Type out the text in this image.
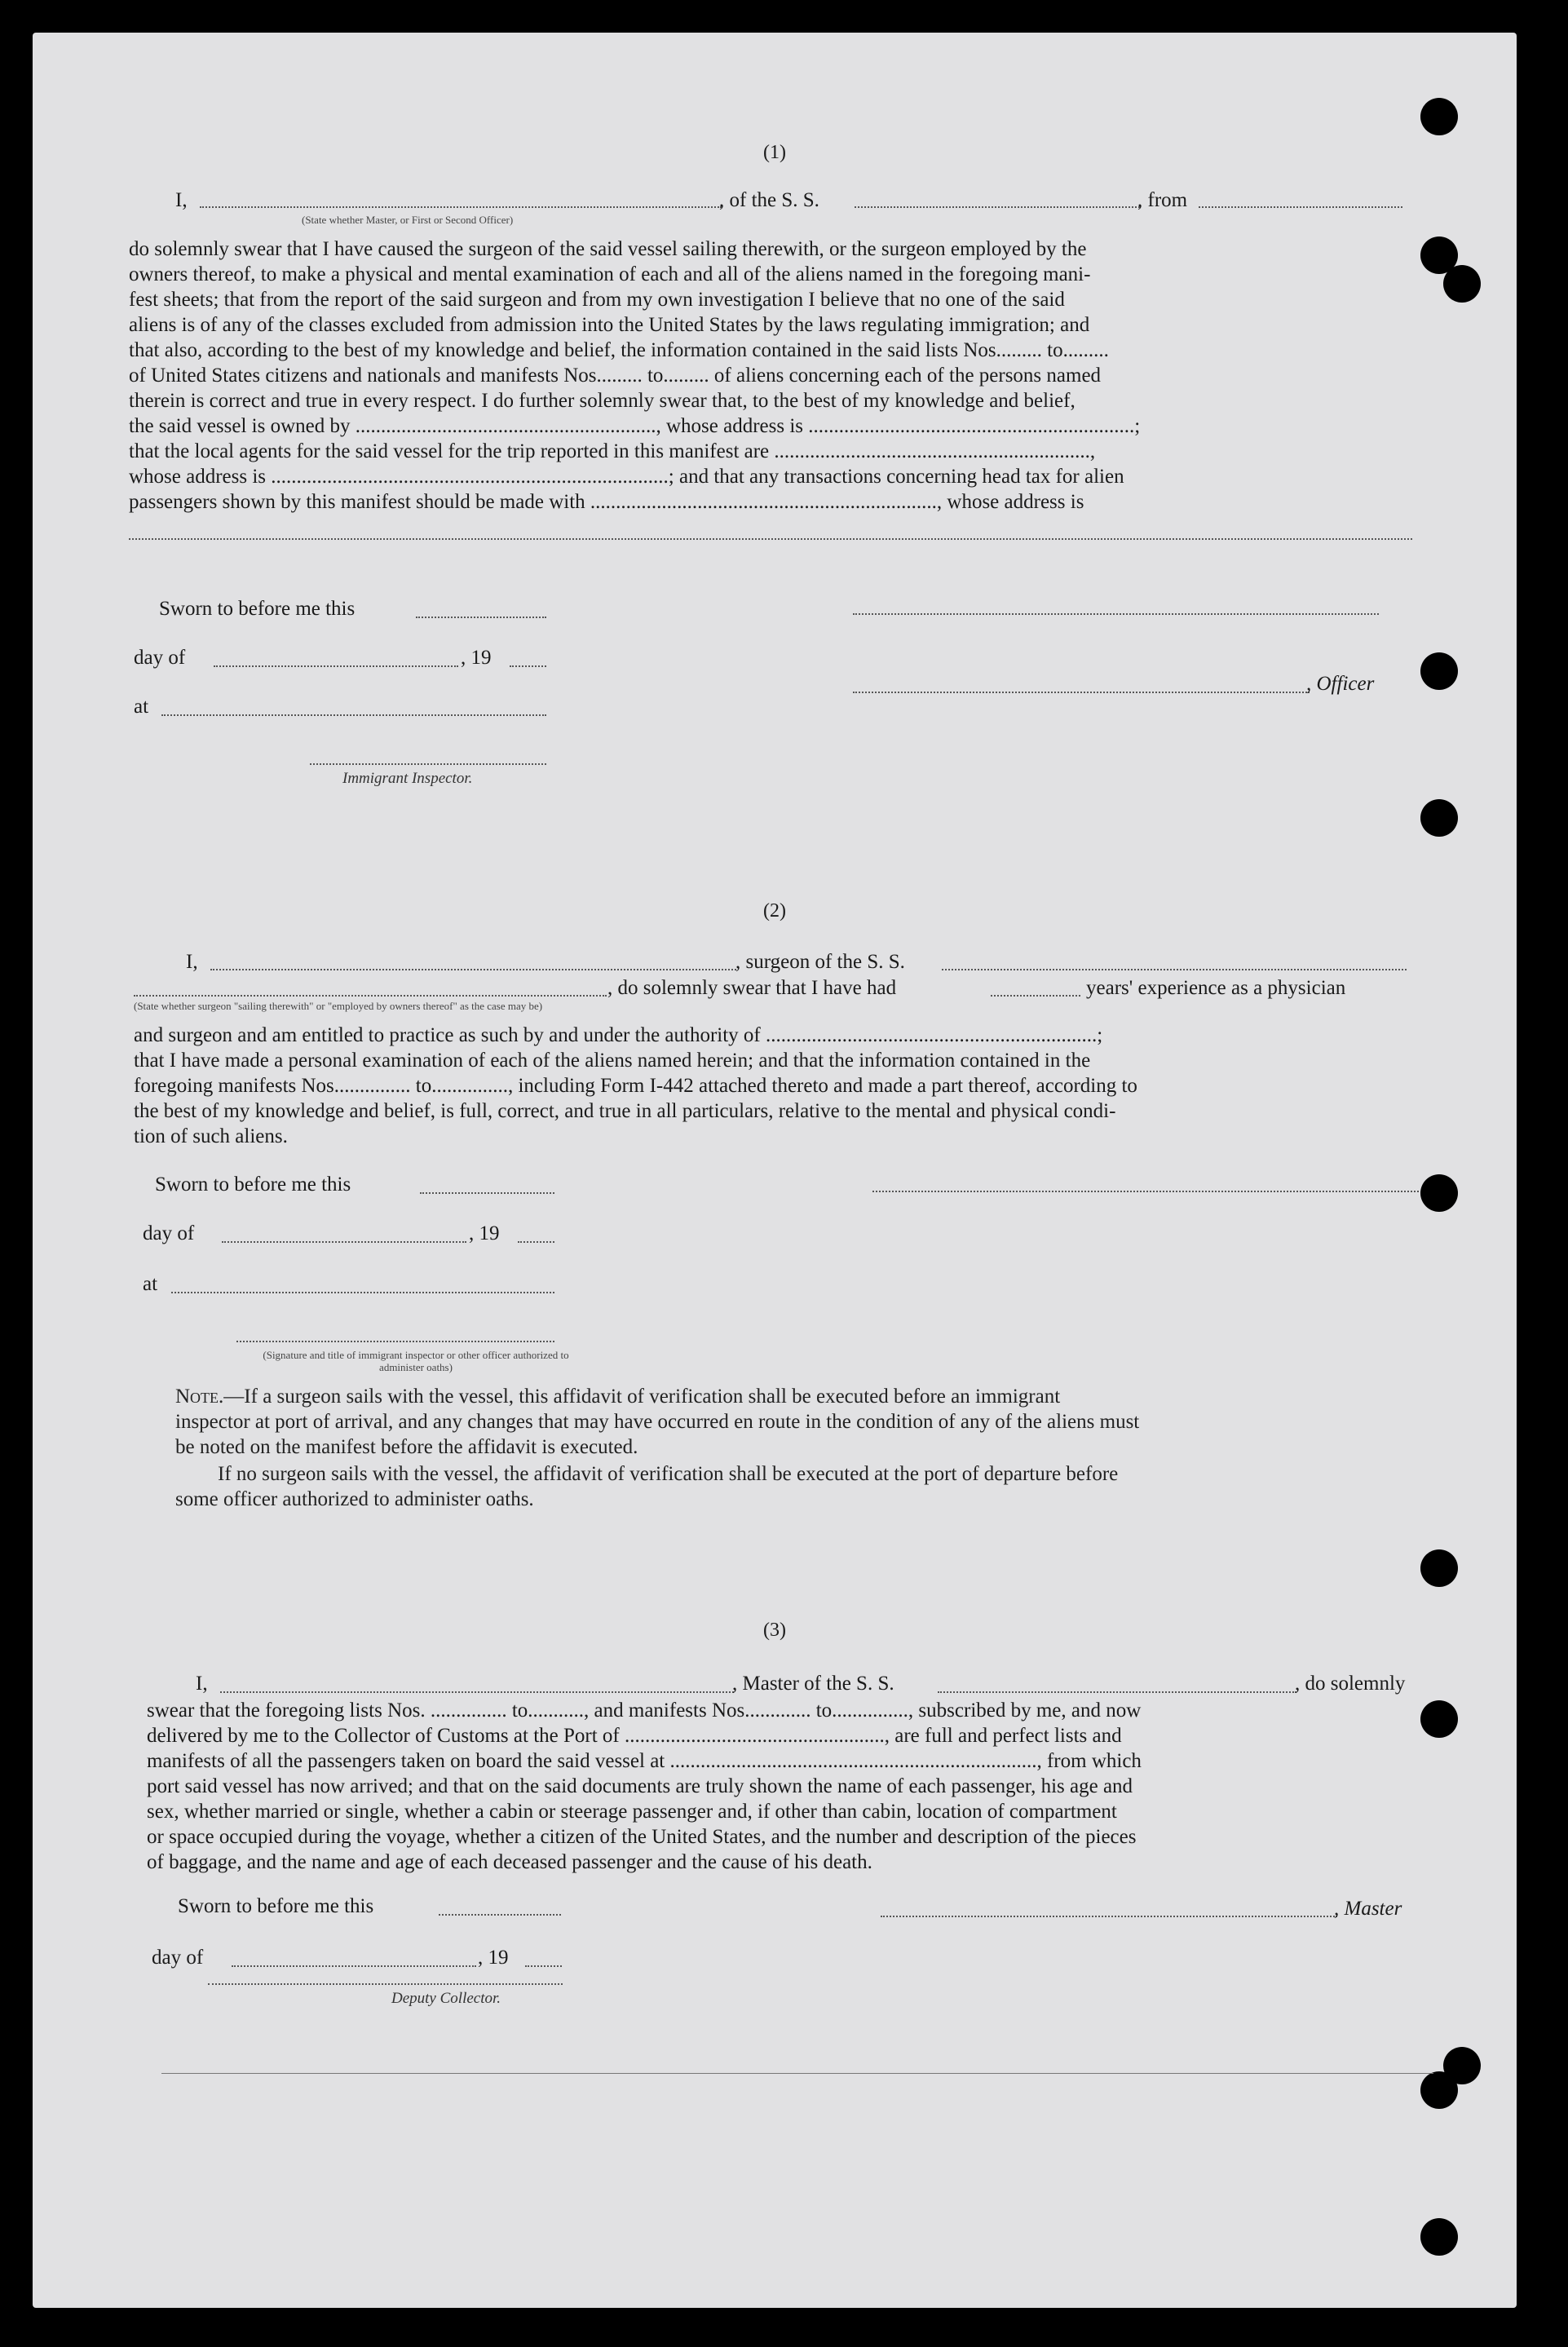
(1)
I,	, of the S. S.	, from
(State whether Master, or First or Second Officer)
do solemnly swear that I have caused the surgeon of the said vessel sailing therewith, or the surgeon employed by the
owners thereof, to make a physical and mental examination of each and all of the aliens named in the foregoing mani-
fest sheets; that from the report of the said surgeon and from my own investigation I believe that no one of the said
aliens is of any of the classes excluded from admission into the United States by the laws regulating immigration; and
that also, according to the best of my knowledge and belief, the information contained in the said lists Nos......... to.........
of United States citizens and nationals and manifests Nos......... to......... of aliens concerning each of the persons named
therein is correct and true in every respect. I do further solemnly swear that, to the best of my knowledge and belief,
the said vessel is owned by ..........................................................., whose address is ................................................................;
that the local agents for the said vessel for the trip reported in this manifest are ..............................................................,
whose address is ..............................................................................; and that any transactions concerning head tax for alien
passengers shown by this manifest should be made with ...................................................................., whose address is
Sworn to before me this
day of	, 19
, Officer
at
Immigrant Inspector.
(2)
I,	, surgeon of the S. S.
, do solemnly swear that I have had	years' experience as a physician
(State whether surgeon "sailing therewith" or "employed by owners thereof" as the case may be)
and surgeon and am entitled to practice as such by and under the authority of .................................................................;
that I have made a personal examination of each of the aliens named herein; and that the information contained in the
foregoing manifests Nos............... to..............., including Form I-442 attached thereto and made a part thereof, according to
the best of my knowledge and belief, is full, correct, and true in all particulars, relative to the mental and physical condi-
tion of such aliens.
Sworn to before me this
day of	, 19
at
(Signature and title of immigrant inspector or other officer authorized to administer oaths)
Note.—If a surgeon sails with the vessel, this affidavit of verification shall be executed before an immigrant
inspector at port of arrival, and any changes that may have occurred en route in the condition of any of the aliens must
be noted on the manifest before the affidavit is executed.
If no surgeon sails with the vessel, the affidavit of verification shall be executed at the port of departure before
some officer authorized to administer oaths.
(3)
I,	, Master of the S. S.	, do solemnly
swear that the foregoing lists Nos. ............... to..........., and manifests Nos............. to..............., subscribed by me, and now
delivered by me to the Collector of Customs at the Port of ..................................................., are full and perfect lists and
manifests of all the passengers taken on board the said vessel at ........................................................................, from which
port said vessel has now arrived; and that on the said documents are truly shown the name of each passenger, his age and
sex, whether married or single, whether a cabin or steerage passenger and, if other than cabin, location of compartment
or space occupied during the voyage, whether a citizen of the United States, and the number and description of the pieces
of baggage, and the name and age of each deceased passenger and the cause of his death.
Sworn to before me this	, Master
day of	, 19
Deputy Collector.
